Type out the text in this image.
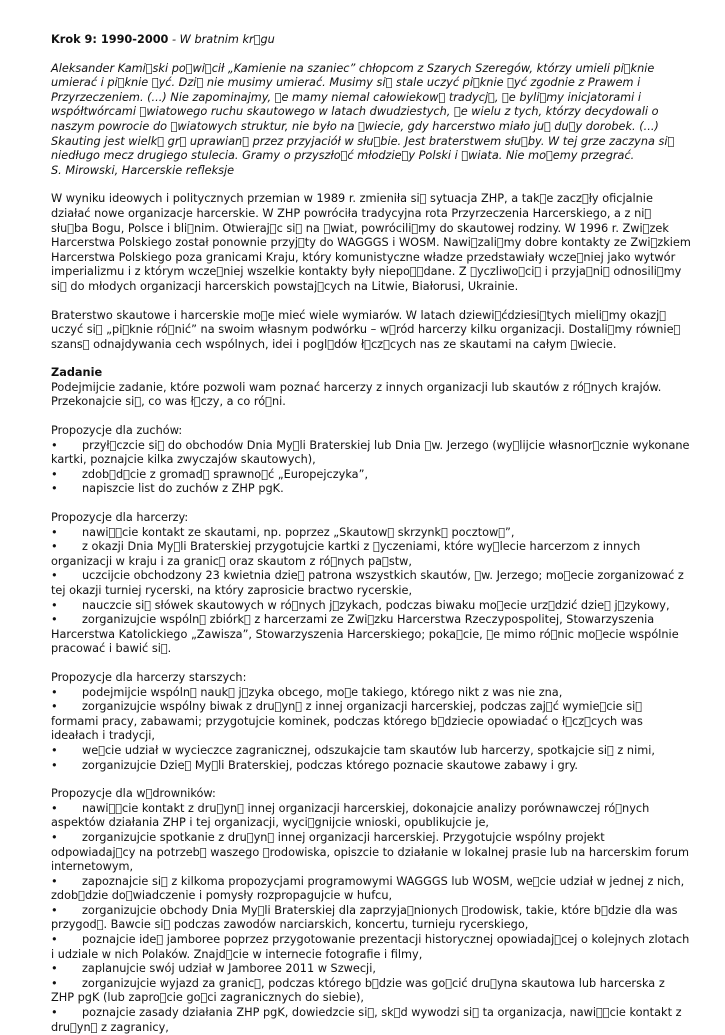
Krok 9: 1990-2000 - W bratnim kr gu

Aleksander Kami ski po wi cił „Kamienie na szaniec” chłopcom z Szarych Szeregów, którzy umieli pi knie umierać i pi knie  yć. Dzi  nie musimy umierać. Musimy si  stale uczyć pi knie  yć zgodnie z Prawem i Przyrzeczeniem. (...) Nie zapominajmy,  e mamy niemal całowiekow  tradycj ,  e byli my inicjatorami i współtwórcami  wiatowego ruchu skautowego w latach dwudziestych,  e wielu z tych, którzy decydowali o naszym powrocie do  wiatowych struktur, nie było na  wiecie, gdy harcerstwo miało ju  du y dorobek. (...) Skauting jest wielk  gr  uprawian  przez przyjaciół w słu bie. Jest braterstwem słu by. W tej grze zaczyna si  niedługo mecz drugiego stulecia. Gramy o przyszło ć młodzie y Polski i  wiata. Nie mo emy przegrać.

S. Mirowski, Harcerskie refleksje

W wyniku ideowych i politycznych przemian w 1989 r. zmieniła si  sytuacja ZHP, a tak e zacz ły oficjalnie działać nowe organizacje harcerskie. W ZHP powróciła tradycyjna rota Przyrzeczenia Harcerskiego, a z ni  słu ba Bogu, Polsce i bli nim. Otwieraj c si  na  wiat, powrócili my do skautowej rodziny. W 1996 r. Zwi zek Harcerstwa Polskiego został ponownie przyj ty do WAGGGS i WOSM. Nawi zali my dobre kontakty ze Zwi zkiem Harcerstwa Polskiego poza granicami Kraju, który komunistyczne władze przedstawiały wcze niej jako wytwór imperializmu i z którym wcze niej wszelkie kontakty były niepo  dane. Z  yczliwo ci  i przyja ni  odnosili my si  do młodych organizacji harcerskich powstaj cych na Litwie, Białorusi, Ukrainie.

Braterstwo skautowe i harcerskie mo e mieć wiele wymiarów. W latach dziewi ćdziesi tych mieli my okazj  uczyć si  „pi knie ró nić” na swoim własnym podwórku – w ród harcerzy kilku organizacji. Dostali my równie  szans  odnajdywania cech wspólnych, idei i pogl dów ł cz cych nas ze skautami na całym  wiecie.

Zadanie

Podejmijcie zadanie, które pozwoli wam poznać harcerzy z innych organizacji lub skautów z ró nych krajów. Przekonajcie si , co was ł czy, a co ró ni.

Propozycje dla zuchów:

• przył czcie si  do obchodów Dnia My li Braterskiej lub Dnia  w. Jerzego (wy lijcie własnor cznie wykonane kartki, poznajcie kilka zwyczajów skautowych),

• zdob d cie z gromad  sprawno ć „Europejczyka”,

• napiszcie list do zuchów z ZHP pgK.

Propozycje dla harcerzy:

• nawi  cie kontakt ze skautami, np. poprzez „Skautow  skrzynk  pocztow ”,

• z okazji Dnia My li Braterskiej przygotujcie kartki z  yczeniami, które wy lecie harcerzom z innych organizacji w kraju i za granic  oraz skautom z ró nych pa stw,

• uczcijcie obchodzony 23 kwietnia dzie  patrona wszystkich skautów,  w. Jerzego; mo ecie zorganizować z tej okazji turniej rycerski, na który zaprosicie bractwo rycerskie,

• nauczcie si  słówek skautowych w ró nych j zykach, podczas biwaku mo ecie urz dzić dzie  j zykowy,

• zorganizujcie wspóln  zbiórk  z harcerzami ze Zwi zku Harcerstwa Rzeczypospolitej, Stowarzyszenia Harcerstwa Katolickiego „Zawisza”, Stowarzyszenia Harcerskiego; poka cie,  e mimo ró nic mo ecie wspólnie pracować i bawić si .

Propozycje dla harcerzy starszych:

• podejmijcie wspóln  nauk  j zyka obcego, mo e takiego, którego nikt z was nie zna,

• zorganizujcie wspólny biwak z dru yn  z innej organizacji harcerskiej, podczas zaj ć wymie cie si  formami pracy, zabawami; przygotujcie kominek, podczas którego b dziecie opowiadać o ł cz cych was ideałach i tradycji,

• we cie udział w wycieczce zagranicznej, odszukajcie tam skautów lub harcerzy, spotkajcie si  z nimi,

• zorganizujcie Dzie  My li Braterskiej, podczas którego poznacie skautowe zabawy i gry.

Propozycje dla w drowników:

• nawi  cie kontakt z dru yn  innej organizacji harcerskiej, dokonajcie analizy porównawczej ró nych aspektów działania ZHP i tej organizacji, wyci gnijcie wnioski, opublikujcie je,

• zorganizujcie spotkanie z dru yn  innej organizacji harcerskiej. Przygotujcie wspólny projekt odpowiadaj cy na potrzeb  waszego  rodowiska, opiszcie to działanie w lokalnej prasie lub na harcerskim forum internetowym,

• zapoznajcie si  z kilkoma propozycjami programowymi WAGGGS lub WOSM, we cie udział w jednej z nich, zdob dzie do wiadczenie i pomysły rozpropagujcie w hufcu,

• zorganizujcie obchody Dnia My li Braterskiej dla zaprzyja nionych  rodowisk, takie, które b dzie dla was przygod . Bawcie si  podczas zawodów narciarskich, koncertu, turnieju rycerskiego,

• poznajcie ide  jamboree poprzez przygotowanie prezentacji historycznej opowiadaj cej o kolejnych zlotach i udziale w nich Polaków. Znajd cie w internecie fotografie i filmy,

• zaplanujcie swój udział w Jamboree 2011 w Szwecji,

• zorganizujcie wyjazd za granic , podczas którego b dzie was go cić dru yna skautowa lub harcerska z ZHP pgK (lub zapro cie go ci zagranicznych do siebie),

• poznajcie zasady działania ZHP pgK, dowiedzcie si , sk d wywodzi si  ta organizacja, nawi  cie kontakt z dru yn  z zagranicy,
